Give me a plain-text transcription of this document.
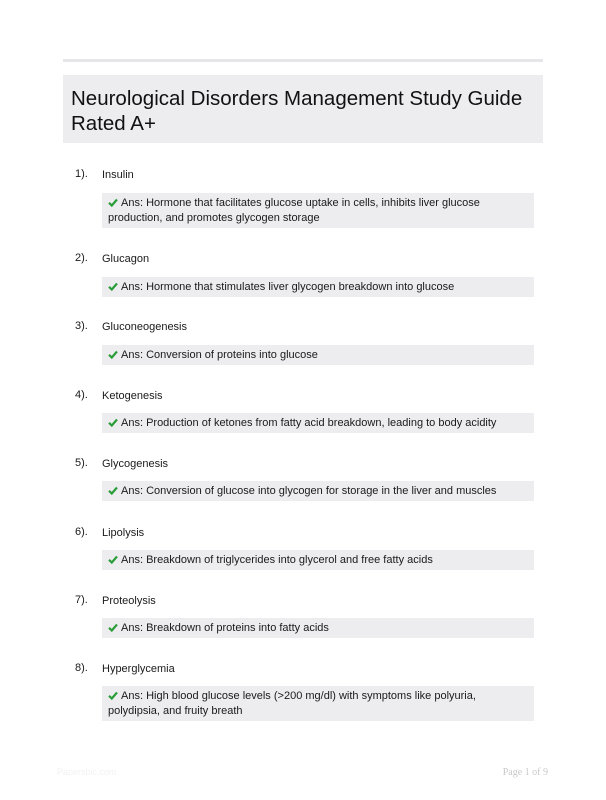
Neurological Disorders Management Study Guide Rated A+
1). Insulin
Ans: Hormone that facilitates glucose uptake in cells, inhibits liver glucose production, and promotes glycogen storage
2). Glucagon
Ans: Hormone that stimulates liver glycogen breakdown into glucose
3). Gluconeogenesis
Ans: Conversion of proteins into glucose
4). Ketogenesis
Ans: Production of ketones from fatty acid breakdown, leading to body acidity
5). Glycogenesis
Ans: Conversion of glucose into glycogen for storage in the liver and muscles
6). Lipolysis
Ans: Breakdown of triglycerides into glycerol and free fatty acids
7). Proteolysis
Ans: Breakdown of proteins into fatty acids
8). Hyperglycemia
Ans: High blood glucose levels (>200 mg/dl) with symptoms like polyuria, polydipsia, and fruity breath
Papersbic.com	Page 1 of 9
